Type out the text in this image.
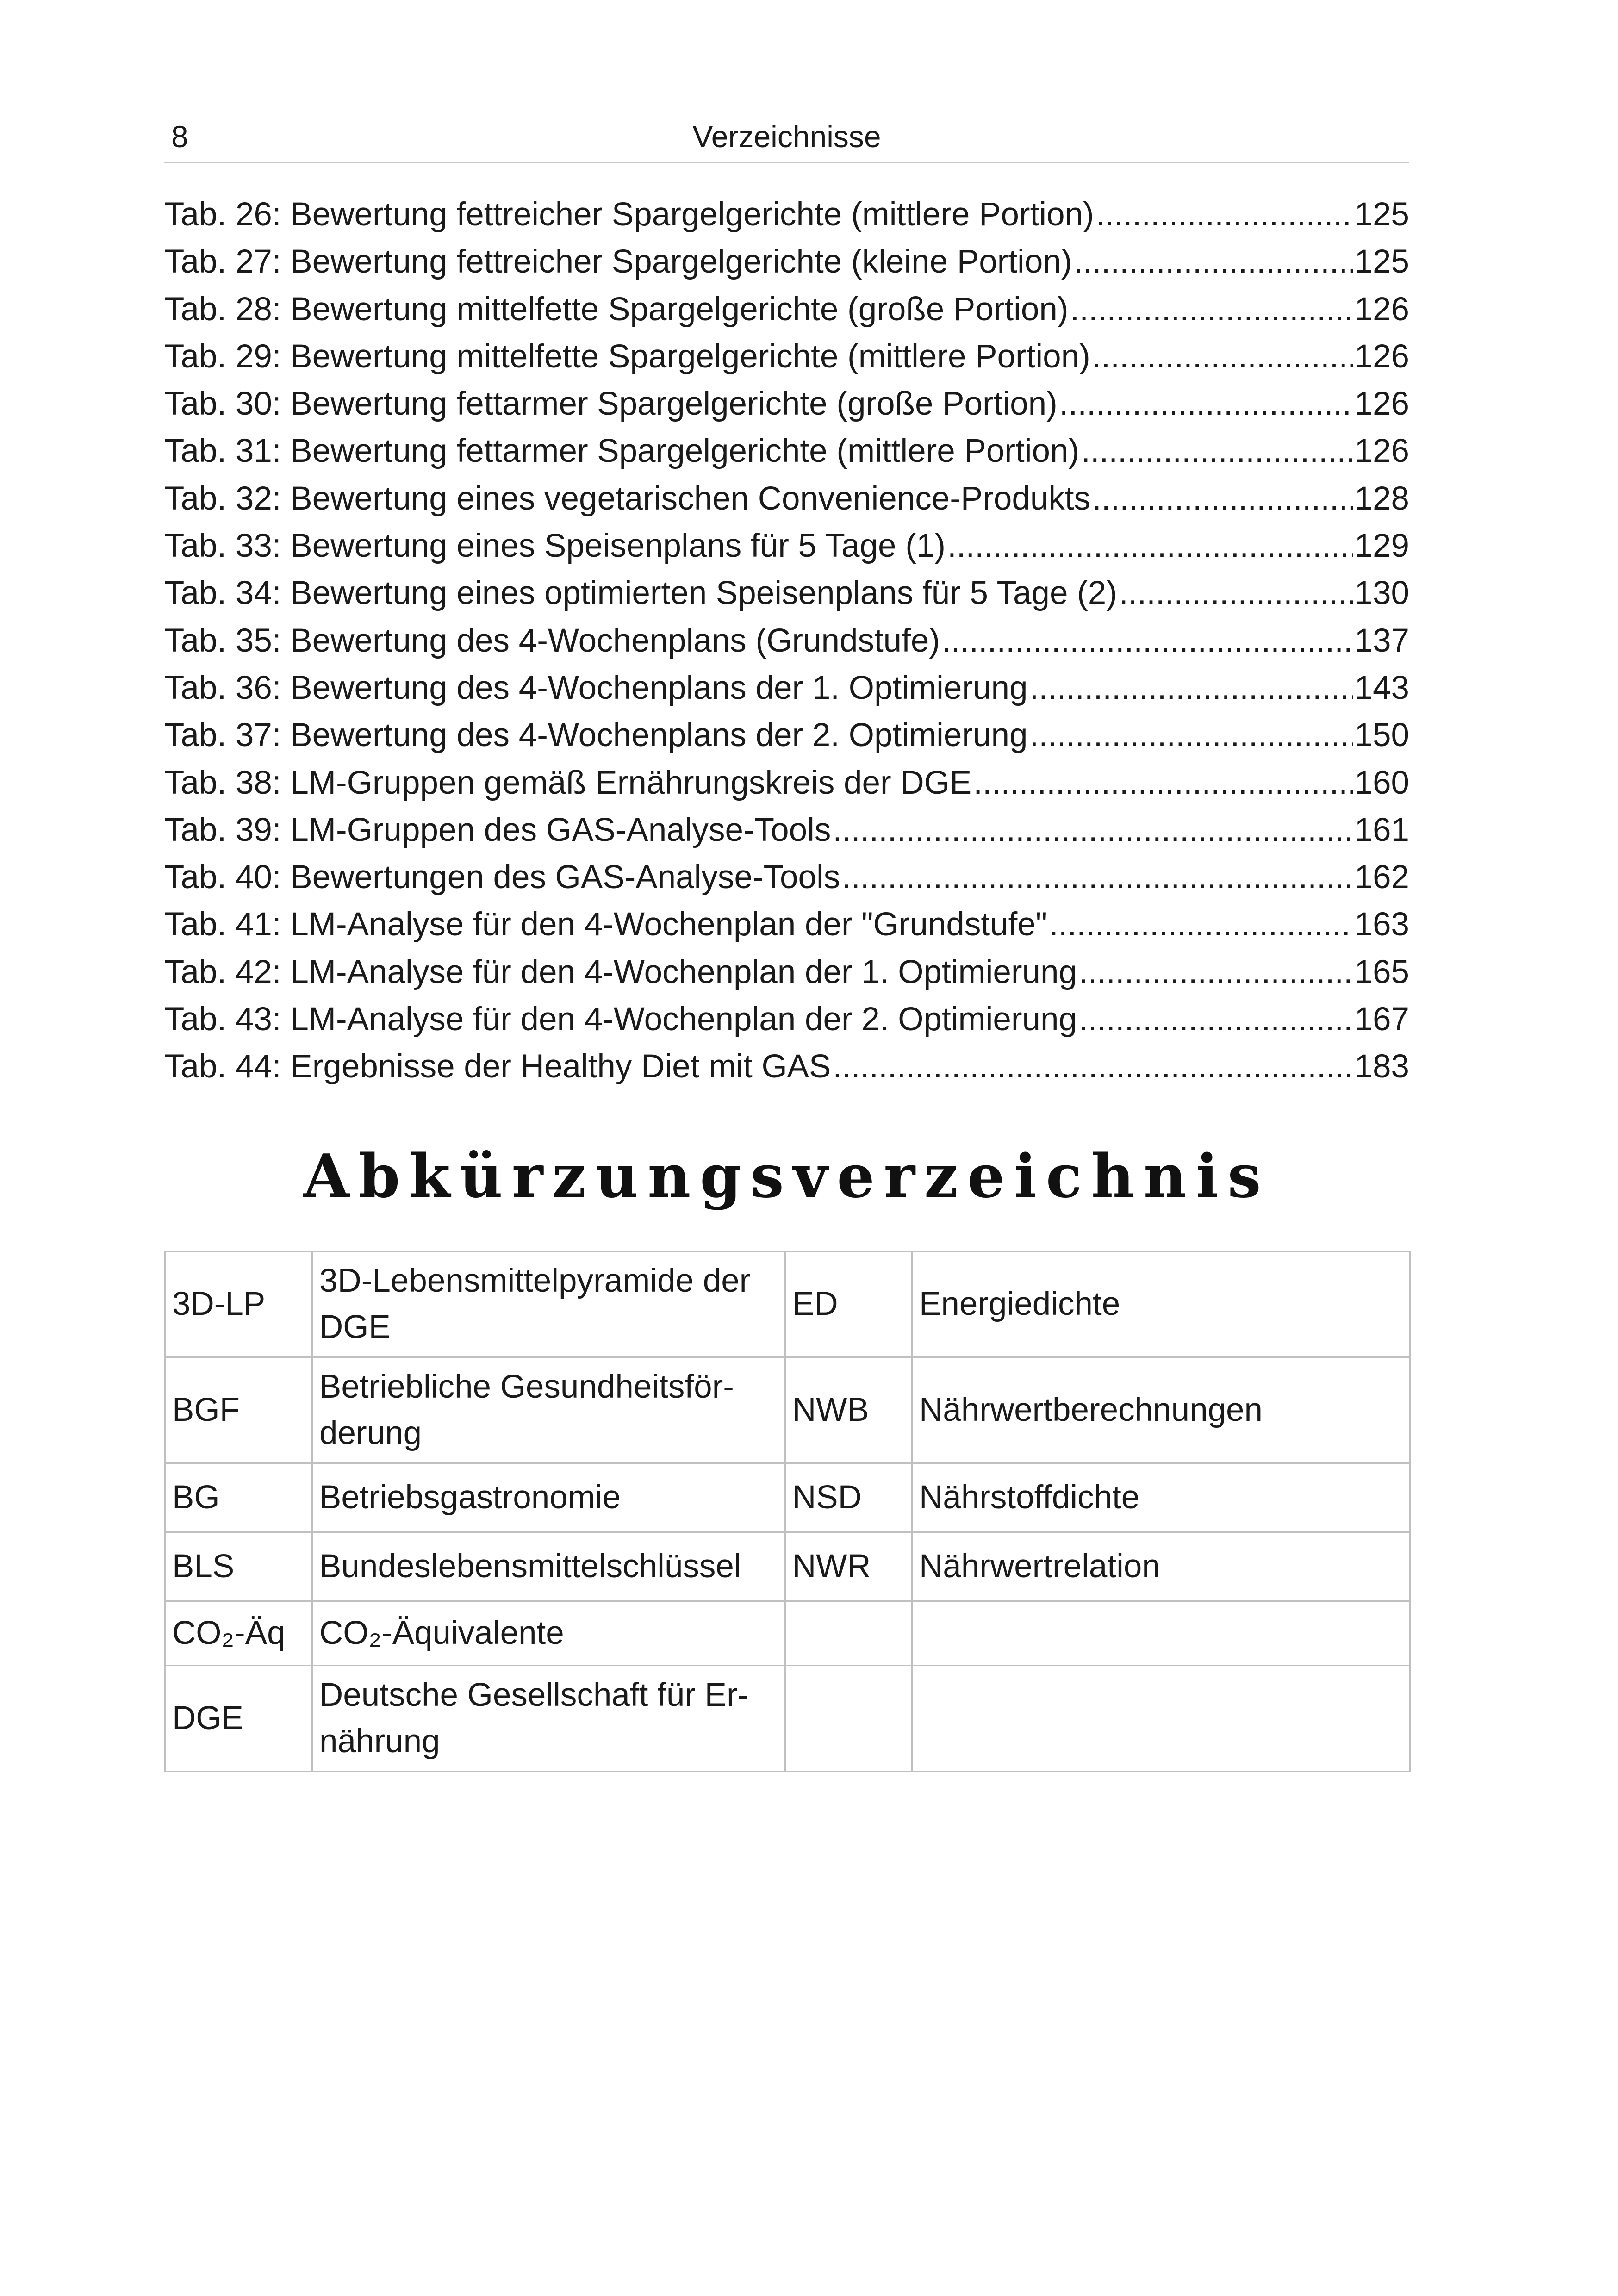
8	Verzeichnisse
Tab. 26: Bewertung fettreicher Spargelgerichte (mittlere Portion) .....	125
Tab. 27: Bewertung fettreicher Spargelgerichte (kleine Portion) .....	125
Tab. 28: Bewertung mittelfette Spargelgerichte (große Portion) .....	126
Tab. 29: Bewertung mittelfette Spargelgerichte (mittlere Portion) .....	126
Tab. 30: Bewertung fettarmer Spargelgerichte (große Portion) .....	126
Tab. 31: Bewertung fettarmer Spargelgerichte (mittlere Portion) .....	126
Tab. 32: Bewertung eines vegetarischen Convenience-Produkts .....	128
Tab. 33: Bewertung eines Speisenplans für 5 Tage (1) .....	129
Tab. 34: Bewertung eines optimierten Speisenplans für 5 Tage (2) .....	130
Tab. 35: Bewertung des 4-Wochenplans (Grundstufe) .....	137
Tab. 36: Bewertung des 4-Wochenplans der 1. Optimierung .....	143
Tab. 37: Bewertung des 4-Wochenplans der 2. Optimierung .....	150
Tab. 38: LM-Gruppen gemäß Ernährungskreis der DGE .....	160
Tab. 39: LM-Gruppen des GAS-Analyse-Tools .....	161
Tab. 40: Bewertungen des GAS-Analyse-Tools .....	162
Tab. 41: LM-Analyse für den 4-Wochenplan der "Grundstufe" .....	163
Tab. 42: LM-Analyse für den 4-Wochenplan der 1. Optimierung .....	165
Tab. 43: LM-Analyse für den 4-Wochenplan der 2. Optimierung .....	167
Tab. 44: Ergebnisse der Healthy Diet mit GAS .....	183
Abkürzungsverzeichnis
3D-LP	3D-Lebensmittelpyramide der DGE	ED	Energiedichte
BGF	Betriebliche Gesundheitsför-derung	NWB	Nährwertberechnungen
BG	Betriebsgastronomie	NSD	Nährstoffdichte
BLS	Bundeslebensmittelschlüssel	NWR	Nährwertrelation
CO₂-Äq	CO₂-Äquivalente		
DGE	Deutsche Gesellschaft für Er-nährung		
